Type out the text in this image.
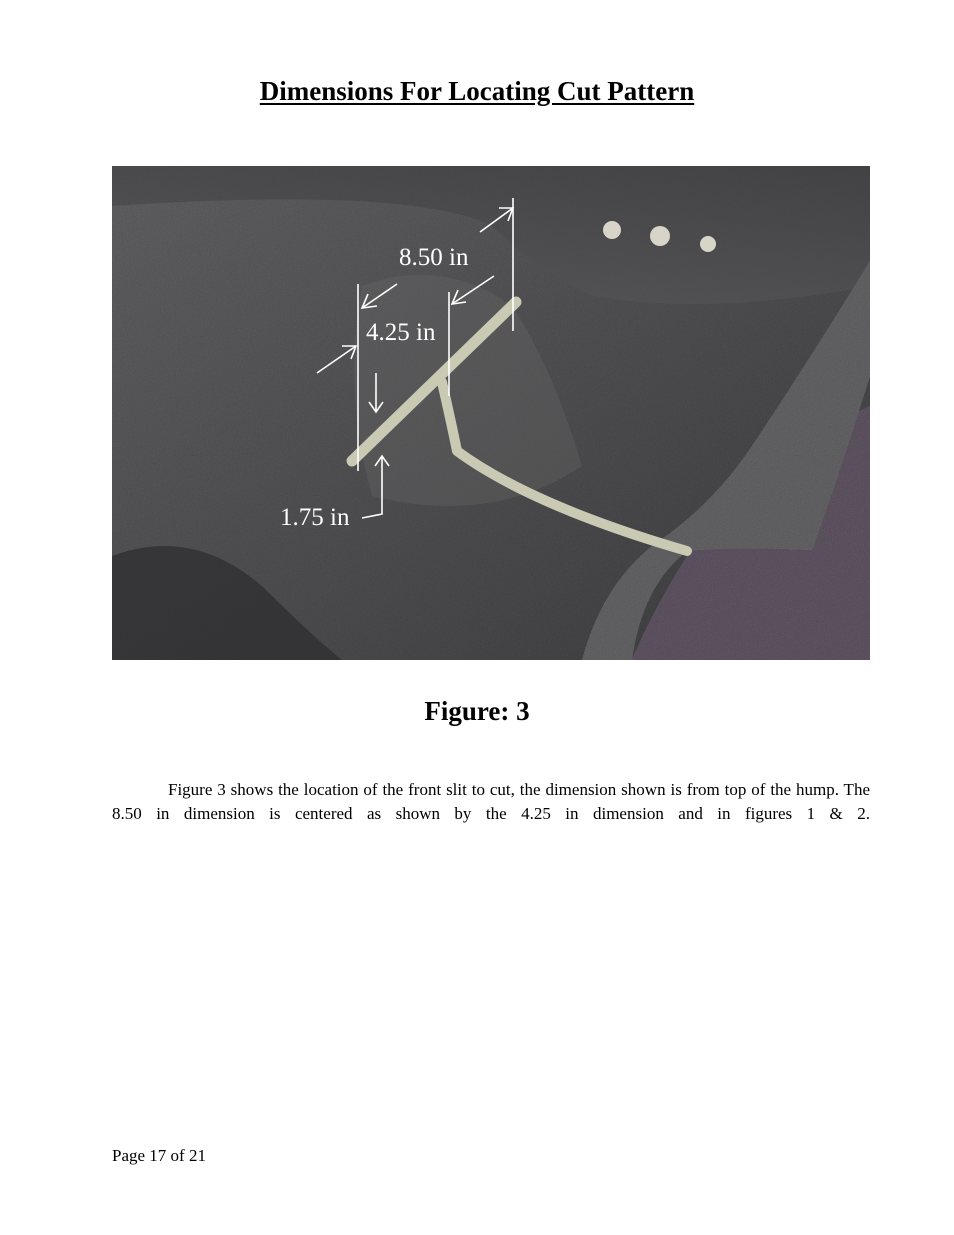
Dimensions For Locating Cut Pattern
8.50 in
4.25 in
1.75 in
Figure: 3

Figure 3 shows the location of the front slit to cut, the dimension shown is from top of the hump. The 8.50 in dimension is centered as shown by the 4.25 in dimension and in figures 1 & 2.

Page 17 of 21
